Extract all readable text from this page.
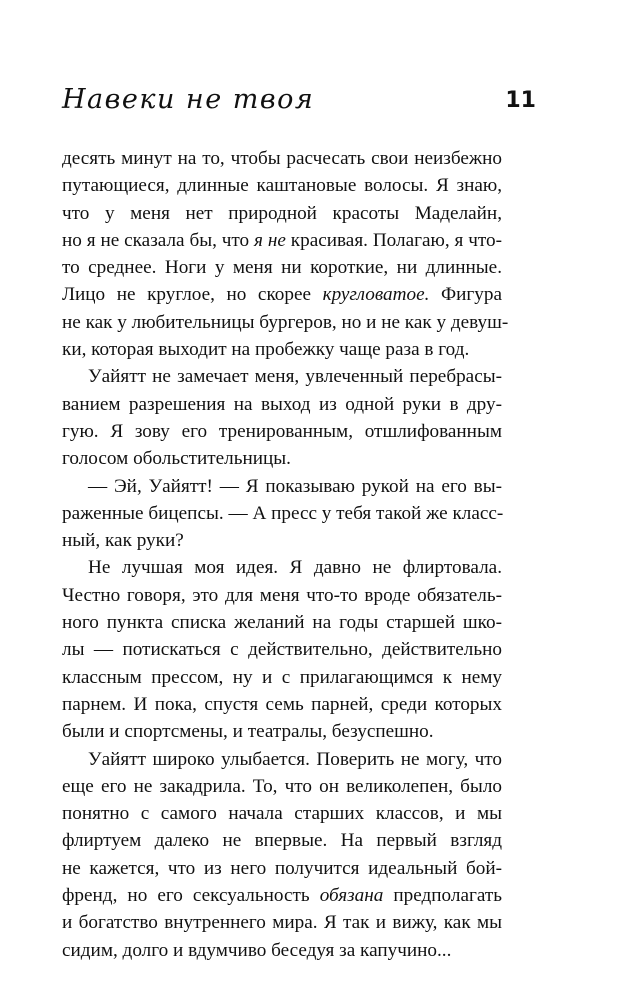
Навеки не твоя	11
десять минут на то, чтобы расчесать свои неизбежно
путающиеся, длинные каштановые волосы. Я знаю,
что у меня нет природной красоты Маделайн,
но я не сказала бы, что я не красивая. Полагаю, я что-
то среднее. Ноги у меня ни короткие, ни длинные.
Лицо не круглое, но скорее кругловатое. Фигура
не как у любительницы бургеров, но и не как у девуш-
ки, которая выходит на пробежку чаще раза в год.
Уайятт не замечает меня, увлеченный перебрасы-
ванием разрешения на выход из одной руки в дру-
гую. Я зову его тренированным, отшлифованным
голосом обольстительницы.
— Эй, Уайятт! — Я показываю рукой на его вы-
раженные бицепсы. — А пресс у тебя такой же класс-
ный, как руки?
Не лучшая моя идея. Я давно не флиртовала.
Честно говоря, это для меня что-то вроде обязатель-
ного пункта списка желаний на годы старшей шко-
лы — потискаться с действительно, действительно
классным прессом, ну и с прилагающимся к нему
парнем. И пока, спустя семь парней, среди которых
были и спортсмены, и театралы, безуспешно.
Уайятт широко улыбается. Поверить не могу, что
еще его не закадрила. То, что он великолепен, было
понятно с самого начала старших классов, и мы
флиртуем далеко не впервые. На первый взгляд
не кажется, что из него получится идеальный бой-
френд, но его сексуальность обязана предполагать
и богатство внутреннего мира. Я так и вижу, как мы
сидим, долго и вдумчиво беседуя за капучино...
